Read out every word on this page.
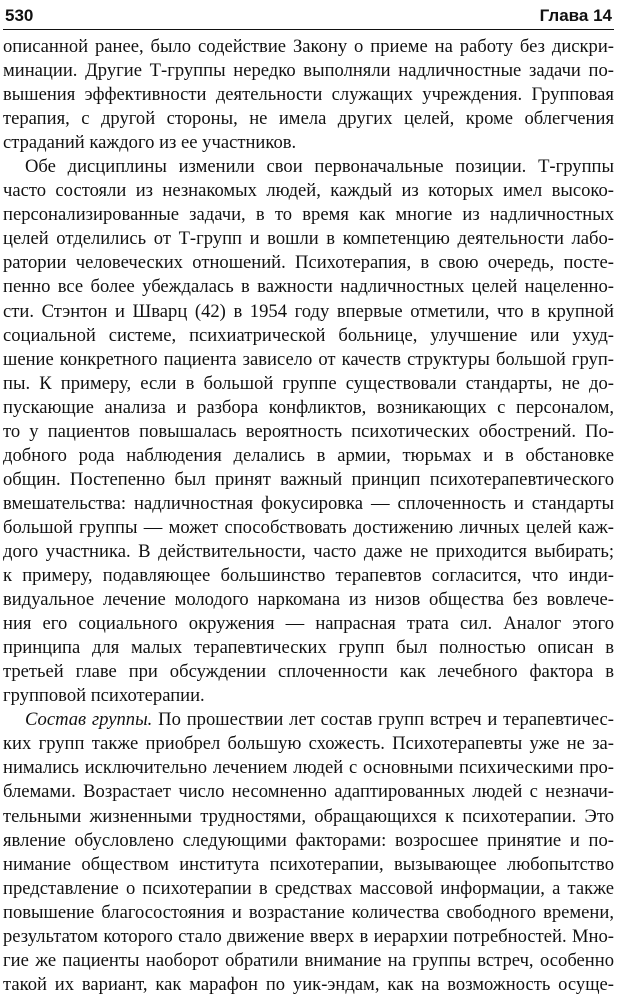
530	Глава 14

описанной ранее, было содействие Закону о приеме на работу без дискри-
минации. Другие Т-группы нередко выполняли надличностные задачи по-
вышения эффективности деятельности служащих учреждения. Групповая
терапия, с другой стороны, не имела других целей, кроме облегчения
страданий каждого из ее участников.

Обе дисциплины изменили свои первоначальные позиции. Т-группы
часто состояли из незнакомых людей, каждый из которых имел высоко-
персонализированные задачи, в то время как многие из надличностных
целей отделились от Т-групп и вошли в компетенцию деятельности лабо-
ратории человеческих отношений. Психотерапия, в свою очередь, посте-
пенно все более убеждалась в важности надличностных целей нацеленно-
сти. Стэнтон и Шварц (42) в 1954 году впервые отметили, что в крупной
социальной системе, психиатрической больнице, улучшение или ухуд-
шение конкретного пациента зависело от качеств структуры большой груп-
пы. К примеру, если в большой группе существовали стандарты, не до-
пускающие анализа и разбора конфликтов, возникающих с персоналом,
то у пациентов повышалась вероятность психотических обострений. По-
добного рода наблюдения делались в армии, тюрьмах и в обстановке
общин. Постепенно был принят важный принцип психотерапевтического
вмешательства: надличностная фокусировка — сплоченность и стандарты
большой группы — может способствовать достижению личных целей каж-
дого участника. В действительности, часто даже не приходится выбирать;
к примеру, подавляющее большинство терапевтов согласится, что инди-
видуальное лечение молодого наркомана из низов общества без вовлече-
ния его социального окружения — напрасная трата сил. Аналог этого
принципа для малых терапевтических групп был полностью описан в
третьей главе при обсуждении сплоченности как лечебного фактора в
групповой психотерапии.

Состав группы. По прошествии лет состав групп встреч и терапевтичес-
ких групп также приобрел большую схожесть. Психотерапевты уже не за-
нимались исключительно лечением людей с основными психическими про-
блемами. Возрастает число несомненно адаптированных людей с незначи-
тельными жизненными трудностями, обращающихся к психотерапии. Это
явление обусловлено следующими факторами: возросшее принятие и по-
нимание обществом института психотерапии, вызывающее любопытство
представление о психотерапии в средствах массовой информации, а также
повышение благосостояния и возрастание количества свободного времени,
результатом которого стало движение вверх в иерархии потребностей. Мно-
гие же пациенты наоборот обратили внимание на группы встреч, особенно
такой их вариант, как марафон по уик-эндам, как на возможность осуще-
